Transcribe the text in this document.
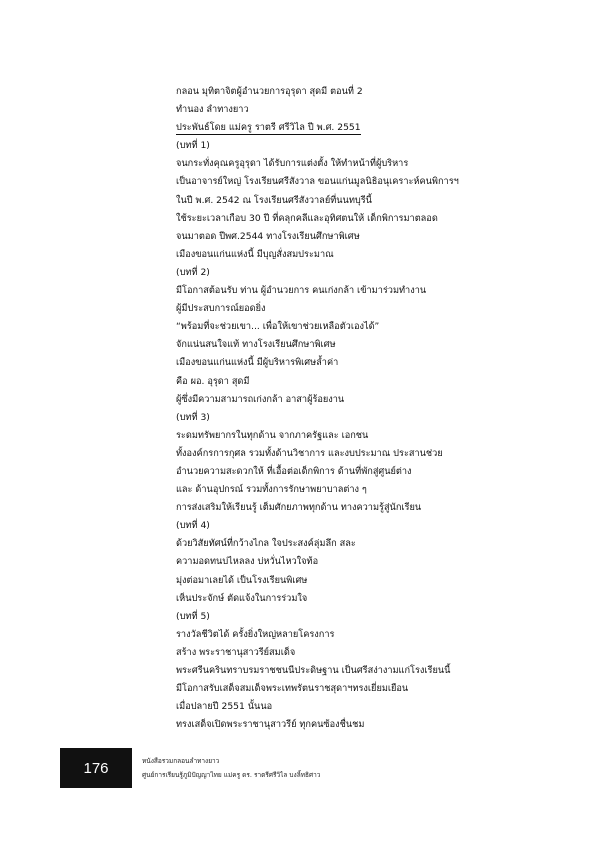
กลอน มุทิตาจิตผู้อำนวยการอุรุดา สุดมี ตอนที่ 2
ทำนอง ลำทางยาว
ประพันธ์โดย แม่ครู ราตรี ศรีวิไล ปี พ.ศ. 2551
(บทที่ 1)
จนกระทั่งคุณครูอุรุดา ได้รับการแต่งตั้ง ให้ทำหน้าที่ผู้บริหาร
เป็นอาจารย์ใหญ่ โรงเรียนศรีสังวาล ขอนแก่นมูลนิธิอนุเคราะห์คนพิการฯ
ในปี พ.ศ. 2542 ณ โรงเรียนศรีสังวาลย์ที่นนทบุรีนี้
ใช้ระยะเวลาเกือบ 30 ปี ที่คลุกคลีและอุทิศตนให้ เด็กพิการมาตลอด
จนมาตอด ปีพศ.2544 ทางโรงเรียนศึกษาพิเศษ
เมืองขอนแก่นแห่งนี้ มีบุญสั่งสมประมาณ
(บทที่ 2)
มีโอกาสต้อนรับ ท่าน ผู้อำนวยการ คนเก่งกล้า เข้ามาร่วมทำงาน
ผู้มีประสบการณ์ยอดยิ่ง
“พร้อมที่จะช่วยเขา... เพื่อให้เขาช่วยเหลือตัวเองได้”
จักแน่นสนใจแท้ ทางโรงเรียนศึกษาพิเศษ
เมืองขอนแก่นแห่งนี้ มีผู้บริหารพิเศษล้ำค่า
คือ ผอ. อุรุดา สุดมี
ผู้ซึ่งมีความสามารถเก่งกล้า อาสาผู้ร้อยงาน
(บทที่ 3)
ระดมทรัพยากรในทุกด้าน จากภาครัฐและ เอกชน
ทั้งองค์กรการกุศล รวมทั้งด้านวิชาการ และงบประมาณ ประสานช่วย
อำนวยความสะดวกให้ ที่เอื้อต่อเด็กพิการ ด้านที่พักสู่ศูนย์ต่าง
และ ด้านอุปกรณ์ รวมทั้งการรักษาพยาบาลต่าง ๆ
การส่งเสริมให้เรียนรู้ เต็มศักยภาพทุกด้าน ทางความรู้สู่นักเรียน
(บทที่ 4)
ด้วยวิสัยทัศน์ที่กว้างไกล ใจประสงค์ลุ่มลึก สละ
ความอดทนบ่ไหลลง บ่หวั่นไหวใจท้อ
มุ่งต่อมาเลยได้ เป็นโรงเรียนพิเศษ
เห็นประจักษ์ ตัดแจ้งในการร่วมใจ
(บทที่ 5)
รางวัลชีวิตได้ ครั้งยิ่งใหญ่หลายโครงการ
สร้าง พระราชานุสาวรีย์สมเด็จ
พระศรีนครินทราบรมราชชนนีประดิษฐาน เป็นศรีสง่างามแก่โรงเรียนนี้
มีโอกาสรับเสด็จสมเด็จพระเทพรัตนราชสุดาฯทรงเยี่ยมเยือน
เมื่อปลายปี 2551 นั้นนอ
ทรงเสด็จเปิดพระราชานุสาวรีย์ ทุกคนซ้องชื่นชม
176	หนังสือรวมกลอนลำทางยาว
ศูนย์การเรียนรู้ภูมิปัญญาไทย แม่ครู ดร. ราตรีศรีวิไล บงลิ้ทธิศาว
